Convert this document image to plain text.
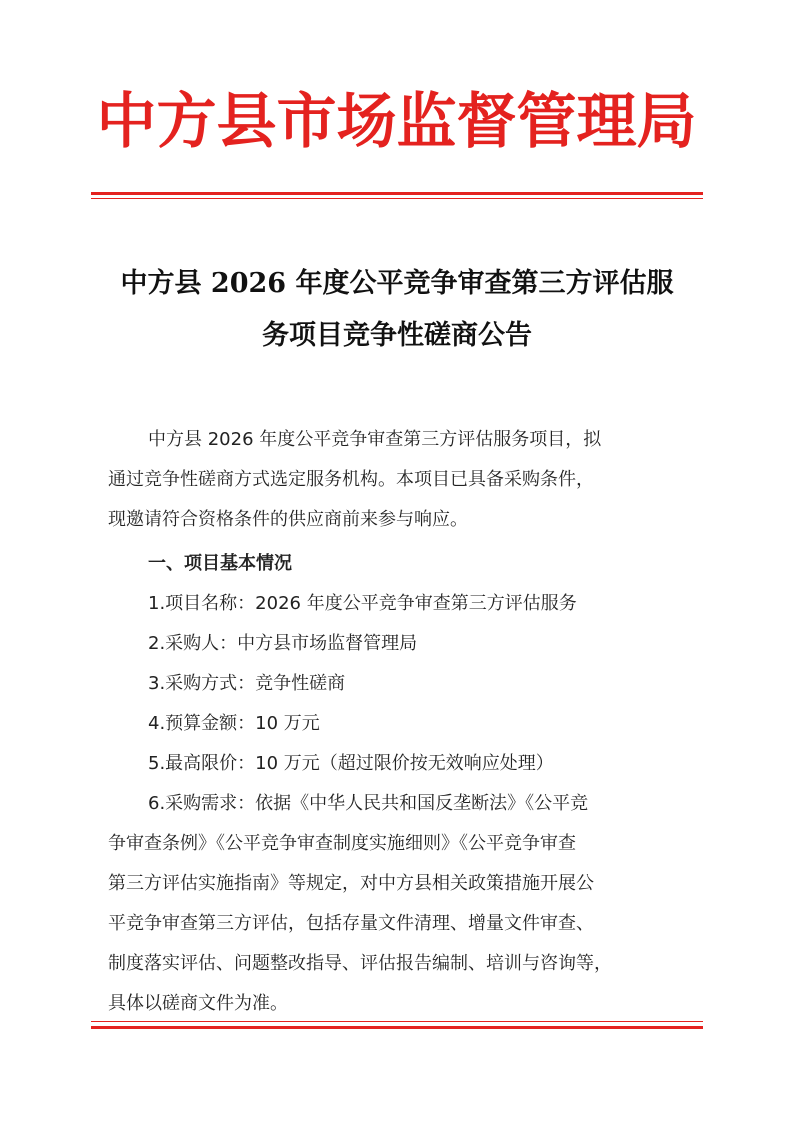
中方县市场监督管理局
中方县 2026 年度公平竞争审查第三方评估服
务项目竞争性磋商公告
中方县 2026 年度公平竞争审查第三方评估服务项目，拟
通过竞争性磋商方式选定服务机构。本项目已具备采购条件，
现邀请符合资格条件的供应商前来参与响应。
一、项目基本情况
1.项目名称：2026 年度公平竞争审查第三方评估服务
2.采购人：中方县市场监督管理局
3.采购方式：竞争性磋商
4.预算金额：10 万元
5.最高限价：10 万元（超过限价按无效响应处理）
6.采购需求：依据《中华人民共和国反垄断法》《公平竞
争审查条例》《公平竞争审查制度实施细则》《公平竞争审查
第三方评估实施指南》等规定，对中方县相关政策措施开展公
平竞争审查第三方评估，包括存量文件清理、增量文件审查、
制度落实评估、问题整改指导、评估报告编制、培训与咨询等，
具体以磋商文件为准。
